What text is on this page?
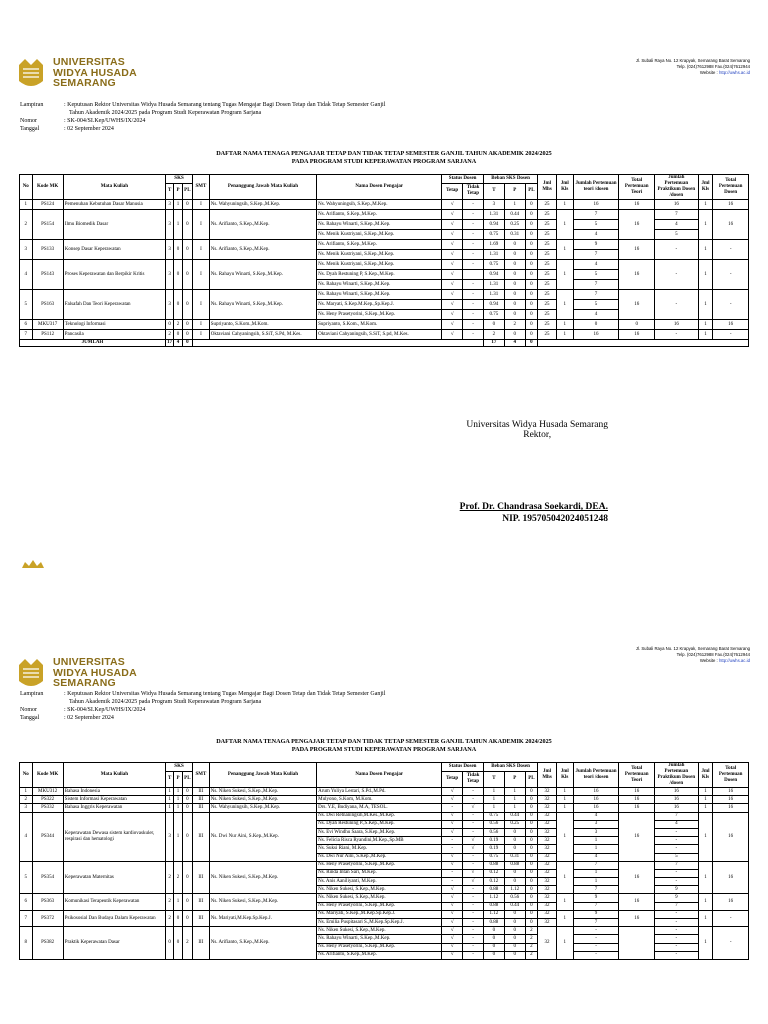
UNIVERSITAS
WIDYA HUSADA
SEMARANG
Jl. Subali Raya No. 12 Krapyak, Semarang Barat Semarang
Telp. (024)7612988 Fax.(024)7612944
Website : http://uwhs.ac.id
Lampiran	: Keputusan Rektor Universitas Widya Husada Semarang tentang Tugas Mengajar Bagi Dosen Tetap dan Tidak Tetap Semester Ganjil
Tahun Akademik 2024/2025 pada Program Studi Keperawatan Program Sarjana
Nomor	: SK-004/SI.Kep/UWHS/IX/2024
Tanggal	: 02 September 2024
DAFTAR NAMA TENAGA PENGAJAR TETAP DAN TIDAK TETAP SEMESTER GANJIL TAHUN AKADEMIK 2024/2025
PADA PROGRAM STUDI KEPERAWATAN PROGRAM SARJANA
No	Kode MK	Mata Kuliah	SKS			SMT	Penanggung Jawab Mata Kuliah	Nama Dosen Pengajar	Status Dosen		Beban SKS Dosen			Jml Mhs	Jml Kls	Jumlah Pertemuan teori /dosen	Total Pertemuan Teori	Jumlah Pertemuan Praktikum Dosen /dosen	Jml Kls	Total Pertemuan Dosen
			T	P	PL				Tetap	Tidak Tetap	T	P	PL							
1	PS124	Pemenuhan Kebutuhan Dasar Manusia	3	1	0	I	Ns. Wahyuningsih, S.Kep.,M.Kep.	Ns. Wahyuningsih, S.Kep.,M.Kep.	√	-	3	1	0	25	1	16	16	16	1	16
2	PS154	Ilmu Biomedik Dasar	3	1	0	I	Ns. Arifianto, S.Kep.,M.Kep.	Ns. Arifianto, S.Kep.,M.Kep.	√	-	1.31	0.44	0	25	1	7	16	7	1	16
								Ns. Rahayu Winarti, S.Kep.,M.Kep.	√	-	0.94	0.25	0	25		5		4		
								Ns. Menik Kustriyani, S.Kep.,M.Kep.	√	-	0.75	0.31	0	25		4		5		
3	PS133	Konsep Dasar Keperawatan	3	0	0	I	Ns. Arifianto, S.Kep.,M.Kep.	Ns. Arifianto, S.Kep.,M.Kep.	√	-	1.69	0	0	25	1	9	16	-	1	-
								Ns. Menik Kustriyani, S.Kep.,M.Kep.	√	-	1.31	0	0	25		7				
4	PS143	Proses Keperawatan dan Berpikir Kritis	3	0	0	I	Ns. Rahayu Winarti, S.Kep.,M.Kep.	Ns. Menik Kustriyani, S.Kep.,M.Kep.	√	-	0.75	0	0	25	1	4	16	-	1	-
								Ns. Dyah Restuning P, S.Kep.,M.Kep.	√		0.94	0	0	25		5				
								Ns. Rahayu Winarti, S.Kep.,M.Kep.	√	-	1.31	0	0	25		7				
5	PS163	Falsafah Dan Teori Keperawatan	3	0	0	I	Ns. Rahayu Winarti, S.Kep.,M.Kep.	Ns. Rahayu Winarti, S.Kep.,M.Kep.	√	-	1.31	0	0	25	1	7	16	-	1	-
								Ns. Maryati, S.Kep.M.Kep.,Sp.Kep.J.	√	-	0.94	0	0	25		5				
								Ns. Heny Prasetyorini, S.Kep.,M.Kep.	√	-	0.75	0	0	25		4				
6	MKU317	Teknologi Informasi	0	2	0	I	Supriyanto, S.Kom.,M.Kom.	Supriyanto, S.Kom., M.Kom.	√	-	0	2	0	25	1	0	0	16	1	16
7	PS112	Pancasila	2	0	0	I	Oktaviani Cahyaningsih, S.SiT, S.Pd, M.Kes.	Oktaviani Cahyaningsih, S.SiT, S.pd, M.Kes.	√	-	2	0	0	25	1	16	16	-	1	-
JUMLAH			17	4	0						17	4	0							
Universitas Widya Husada Semarang
Rektor,
Prof. Dr. Chandrasa Soekardi, DEA.
NIP. 195705042024051248
UNIVERSITAS
WIDYA HUSADA
SEMARANG
Jl. Subali Raya No. 12 Krapyak, Semarang Barat Semarang
Telp. (024)7612988 Fax.(024)7612944
Website : http://uwhs.ac.id
Lampiran	: Keputusan Rektor Universitas Widya Husada Semarang tentang Tugas Mengajar Bagi Dosen Tetap dan Tidak Tetap Semester Ganjil
Tahun Akademik 2024/2025 pada Program Studi Keperawatan Program Sarjana
Nomor	: SK-004/SI.Kep/UWHS/IX/2024
Tanggal	: 02 September 2024
DAFTAR NAMA TENAGA PENGAJAR TETAP DAN TIDAK TETAP SEMESTER GANJIL TAHUN AKADEMIK 2024/2025
PADA PROGRAM STUDI KEPERAWATAN PROGRAM SARJANA
No	Kode MK	Mata Kuliah	SKS			SMT	Penanggung Jawab Mata Kuliah	Nama Dosen Pengajar	Status Dosen		Beban SKS Dosen			Jml Mhs	Jml Kls	Jumlah Pertemuan teori /dosen	Total Pertemuan Teori	Jumlah Pertemuan Praktikum Dosen /dosen	Jml Kls	Total Pertemuan Dosen
			T	P	PL				Tetap	Tidak Tetap	T	P	PL							
1	MKU312	Bahasa Indonesia	1	1	0	III	Ns. Niken Sukesi, S.Kep.,M.Kep.	Arum Yuliya Lestari, S.Pd.,M.Pd.	√	-	1	1	0	32	1	16	16	16	1	16
2	PS322	Sistem Informasi Keperawatan	1	1	0	III	Ns. Niken Sukesi, S.Kep.,M.Kep.	Mulyono, S.Kom, M.Kom.	√	-	1	1	0	32	1	16	16	16	1	16
3	PS332	Bahasa Inggris Keperawatan	1	1	0	III	Ns. Wahyuningsih, S.Kep.,M.Kep.	Drs. Y.E, Budiyana, M.A, TESOL.	-	√	1	1	0	32	1	16	16	16	1	16
4	PS344	Keperawatan Dewasa sistem kardiovaskuler, respirasi dan hematologi	3	1	0	III	Ns. Dwi Nur Aini, S.Kep.,M.Kep.	Ns. Dwi Retnaningsih,M.Kes.,M.Kep.	√	-	0.75	0.44	0	32	1	4	16	7	1	16
								Ns. Dyah Restuning P.,S.Kep.,M.Kep.	√	-	0.56	0.25	0	32		3		4		
								Ns. Evi Windhu Saara, S.Kep.,M.Kep.	√	-	0.56	0	0	32		3		-		
								Ns. Felicia Risca Ryandini,M.Kep.,Sp.MB	-	√	0.19	0	0	32		1		-		
								Ns. Suksi Riani, M.Kep.	-	√	0.19	0	0	32		1		-		
								Ns. Dwi Nur Aini, S.Kep.,M.Kep.	√	-	0.75	0.31	0	32		4		5		
5	PS354	Keperawatan Maternitas	2	2	0	III	Ns. Niken Sukesi, S.Kep.,M.Kep.	Ns. Heny Prasetyorini, S.Kep.,M.Kep.	√	-	0.88	0.88	0	32	1	7	16	7	1	16
								Ns. Rinda Intan Sari, M.Kep.	-	√	0.12	0	0	32		1		-		
								Ns. Anis Aaniliyanti, M.Kep.	-	√	0.12	0	0	32		1		-		
								Ns. Niken Sukesi, S.Kep.,M.Kep.	√	-	0.88	1.12	0	32		7		9		
6	PS363	Komunikasi Terapeutik Keperawatan	2	1	0	III	Ns. Niken Sukesi, S.Kep.,M.Kep.	Ns. Niken Sukesi, S.Kep.,M.Kep.	√	-	1.12	0.56	0	32	1	9	16	9	1	16
								Ns. Heny Prasetyorini, S.Kep.,M.Kep.	√	-	0.88	0.44	0	32		7		7		
7	PS372	Psikososial Dan Budaya Dalam Keperawatan	2	0	0	III	Ns. Mariyati,M.Kep.Sp.Kep.J.	Ns. Mariyati, S.Kep.,M.Kep.Sp.Kep.J.	√	-	1.12	0	0	32	1	9	16	-	1	-
								Ns. Emilia Puspitasari S.,M.Kep.Sp.Kep.J.	√	-	0.88	0	0	32		7		-		
8	PS382	Praktik Keperawatan Dasar	0	0	2	III	Ns. Arifianto, S.Kep.,M.Kep.	Ns. Niken Sukesi, S.Kep.,M.Kep.	√	-	0	0	2	32	1	-		-	1	-
								Ns. Rahayu Winarti, S.Kep.,M.Kep.	√	-	0	0	2			-		-		
								Ns. Heny Prasetyorini, S.Kep.,M.Kep.	√	-	0	0	2			-		-		
								Ns. Arifianto, S.Kep.,M.Kep.	√	-	0	0	2			-		-		
